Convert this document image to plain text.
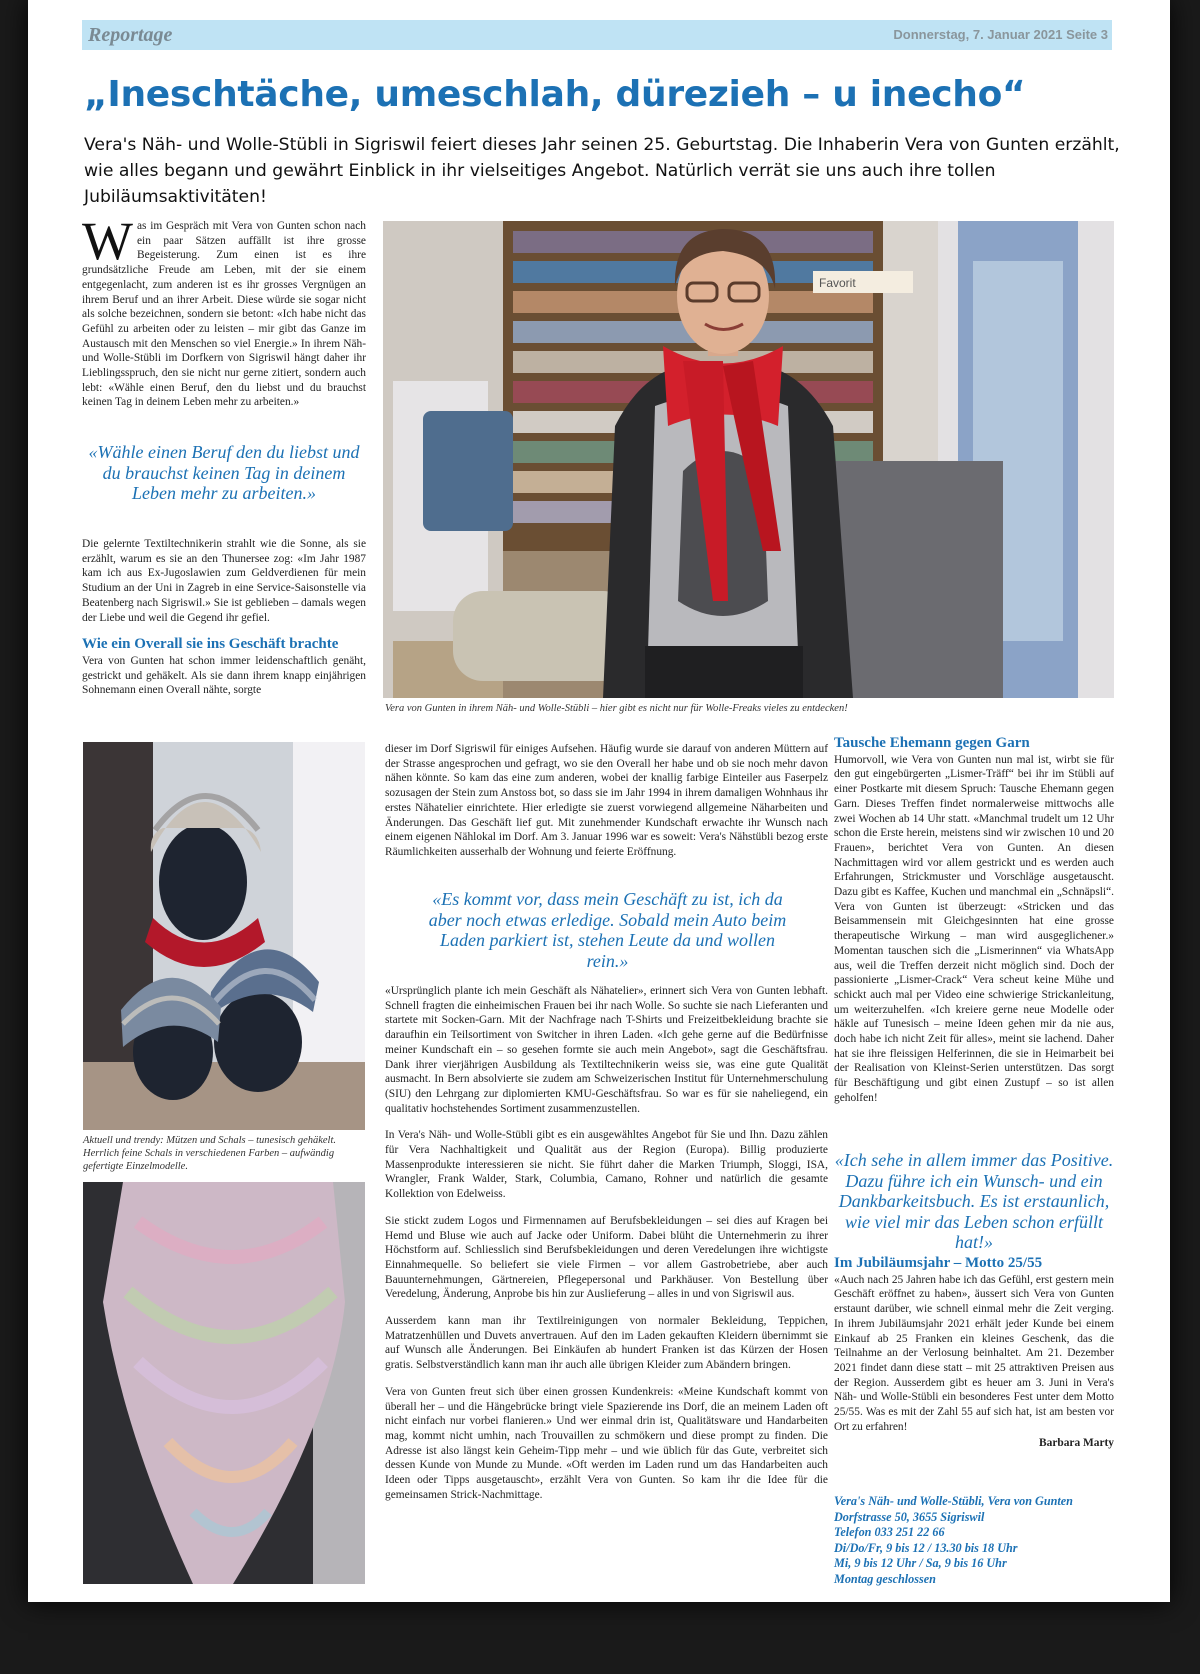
Reportage	Donnerstag, 7. Januar 2021 Seite 3
„Ineschtäche, umeschlah, dürezieh – u inecho“
Vera's Näh- und Wolle-Stübli in Sigriswil feiert dieses Jahr seinen 25. Geburtstag. Die Inhaberin Vera von Gunten erzählt, wie alles begann und gewährt Einblick in ihr vielseitiges Angebot. Natürlich verrät sie uns auch ihre tollen Jubiläumsaktivitäten!
Was im Gespräch mit Vera von Gunten schon nach ein paar Sätzen auffällt ist ihre grosse Begeisterung. Zum einen ist es ihre grundsätzliche Freude am Leben, mit der sie einem entgegenlacht, zum anderen ist es ihr grosses Vergnügen an ihrem Beruf und an ihrer Arbeit. Diese würde sie sogar nicht als solche bezeichnen, sondern sie betont: «Ich habe nicht das Gefühl zu arbeiten oder zu leisten – mir gibt das Ganze im Austausch mit den Menschen so viel Energie.» In ihrem Näh- und Wolle-Stübli im Dorfkern von Sigriswil hängt daher ihr Lieblingsspruch, den sie nicht nur gerne zitiert, sondern auch lebt: «Wähle einen Beruf, den du liebst und du brauchst keinen Tag in deinem Leben mehr zu arbeiten.»
«Wähle einen Beruf den du liebst und du brauchst keinen Tag in deinem Leben mehr zu arbeiten.»

Die gelernte Textiltechnikerin strahlt wie die Sonne, als sie erzählt, warum es sie an den Thunersee zog: «Im Jahr 1987 kam ich aus Ex-Jugoslawien zum Geldverdienen für mein Studium an der Uni in Zagreb in eine Service-Saisonstelle via Beatenberg nach Sigriswil.» Sie ist geblieben – damals wegen der Liebe und weil die Gegend ihr gefiel.

Wie ein Overall sie ins Geschäft brachte

Vera von Gunten hat schon immer leidenschaftlich genäht, gestrickt und gehäkelt. Als sie dann ihrem knapp einjährigen Sohnemann einen Overall nähte, sorgte

Favorit
Vera von Gunten in ihrem Näh- und Wolle-Stübli – hier gibt es nicht nur für Wolle-Freaks vieles zu entdecken!
Aktuell und trendy: Mützen und Schals – tunesisch gehäkelt. Herrlich feine Schals in verschiedenen Farben – aufwändig gefertigte Einzelmodelle.

dieser im Dorf Sigriswil für einiges Aufsehen. Häufig wurde sie darauf von anderen Müttern auf der Strasse angesprochen und gefragt, wo sie den Overall her habe und ob sie noch mehr davon nähen könnte. So kam das eine zum anderen, wobei der knallig farbige Einteiler aus Faserpelz sozusagen der Stein zum Anstoss bot, so dass sie im Jahr 1994 in ihrem damaligen Wohnhaus ihr erstes Nähatelier einrichtete. Hier erledigte sie zuerst vorwiegend allgemeine Näharbeiten und Änderungen. Das Geschäft lief gut. Mit zunehmender Kundschaft erwachte ihr Wunsch nach einem eigenen Nählokal im Dorf. Am 3. Januar 1996 war es soweit: Vera's Nähstübli bezog erste Räumlichkeiten ausserhalb der Wohnung und feierte Eröffnung.

«Es kommt vor, dass mein Geschäft zu ist, ich da aber noch etwas erledige. Sobald mein Auto beim Laden parkiert ist, stehen Leute da und wollen rein.»

«Ursprünglich plante ich mein Geschäft als Nähatelier», erinnert sich Vera von Gunten lebhaft. Schnell fragten die einheimischen Frauen bei ihr nach Wolle. So suchte sie nach Lieferanten und startete mit Socken-Garn. Mit der Nachfrage nach T-Shirts und Freizeitbekleidung brachte sie daraufhin ein Teilsortiment von Switcher in ihren Laden. «Ich gehe gerne auf die Bedürfnisse meiner Kundschaft ein – so gesehen formte sie auch mein Angebot», sagt die Geschäftsfrau. Dank ihrer vierjährigen Ausbildung als Textiltechnikerin weiss sie, was eine gute Qualität ausmacht. In Bern absolvierte sie zudem am Schweizerischen Institut für Unternehmerschulung (SIU) den Lehrgang zur diplomierten KMU-Geschäftsfrau. So war es für sie naheliegend, ein qualitativ hochstehendes Sortiment zusammenzustellen.

In Vera's Näh- und Wolle-Stübli gibt es ein ausgewähltes Angebot für Sie und Ihn. Dazu zählen für Vera Nachhaltigkeit und Qualität aus der Region (Europa). Billig produzierte Massenprodukte interessieren sie nicht. Sie führt daher die Marken Triumph, Sloggi, ISA, Wrangler, Frank Walder, Stark, Columbia, Camano, Rohner und natürlich die gesamte Kollektion von Edelweiss.

Sie stickt zudem Logos und Firmennamen auf Berufsbekleidungen – sei dies auf Kragen bei Hemd und Bluse wie auch auf Jacke oder Uniform. Dabei blüht die Unternehmerin zu ihrer Höchstform auf. Schliesslich sind Berufsbekleidungen und deren Veredelungen ihre wichtigste Einnahmequelle. So beliefert sie viele Firmen – vor allem Gastrobetriebe, aber auch Bauunternehmungen, Gärtnereien, Pflegepersonal und Parkhäuser. Von Bestellung über Veredelung, Änderung, Anprobe bis hin zur Auslieferung – alles in und von Sigriswil aus.

Ausserdem kann man ihr Textilreinigungen von normaler Bekleidung, Teppichen, Matratzenhüllen und Duvets anvertrauen. Auf den im Laden gekauften Kleidern übernimmt sie auf Wunsch alle Änderungen. Bei Einkäufen ab hundert Franken ist das Kürzen der Hosen gratis. Selbstverständlich kann man ihr auch alle übrigen Kleider zum Abändern bringen.

Vera von Gunten freut sich über einen grossen Kundenkreis: «Meine Kundschaft kommt von überall her – und die Hängebrücke bringt viele Spazierende ins Dorf, die an meinem Laden oft nicht einfach nur vorbei flanieren.» Und wer einmal drin ist, Qualitätsware und Handarbeiten mag, kommt nicht umhin, nach Trouvaillen zu schmökern und diese prompt zu finden. Die Adresse ist also längst kein Geheim-Tipp mehr – und wie üblich für das Gute, verbreitet sich dessen Kunde von Munde zu Munde. «Oft werden im Laden rund um das Handarbeiten auch Ideen oder Tipps ausgetauscht», erzählt Vera von Gunten. So kam ihr die Idee für die gemeinsamen Strick-Nachmittage.

Tausche Ehemann gegen Garn

Humorvoll, wie Vera von Gunten nun mal ist, wirbt sie für den gut eingebürgerten „Lismer-Träff“ bei ihr im Stübli auf einer Postkarte mit diesem Spruch: Tausche Ehemann gegen Garn. Dieses Treffen findet normalerweise mittwochs alle zwei Wochen ab 14 Uhr statt. «Manchmal trudelt um 12 Uhr schon die Erste herein, meistens sind wir zwischen 10 und 20 Frauen», berichtet Vera von Gunten. An diesen Nachmittagen wird vor allem gestrickt und es werden auch Erfahrungen, Strickmuster und Vorschläge ausgetauscht. Dazu gibt es Kaffee, Kuchen und manchmal ein „Schnäpsli“. Vera von Gunten ist überzeugt: «Stricken und das Beisammensein mit Gleichgesinnten hat eine grosse therapeutische Wirkung – man wird ausgeglichener.» Momentan tauschen sich die „Lismerinnen“ via WhatsApp aus, weil die Treffen derzeit nicht möglich sind. Doch der passionierte „Lismer-Crack“ Vera scheut keine Mühe und schickt auch mal per Video eine schwierige Strickanleitung, um weiterzuhelfen. «Ich kreiere gerne neue Modelle oder häkle auf Tunesisch – meine Ideen gehen mir da nie aus, doch habe ich nicht Zeit für alles», meint sie lachend. Daher hat sie ihre fleissigen Helferinnen, die sie in Heimarbeit bei der Realisation von Kleinst-Serien unterstützen. Das sorgt für Beschäftigung und gibt einen Zustupf – so ist allen geholfen!

«Ich sehe in allem immer das Positive. Dazu führe ich ein Wunsch- und ein Dankbarkeitsbuch. Es ist erstaunlich, wie viel mir das Leben schon erfüllt hat!»
Im Jubiläumsjahr – Motto 25/55

«Auch nach 25 Jahren habe ich das Gefühl, erst gestern mein Geschäft eröffnet zu haben», äussert sich Vera von Gunten erstaunt darüber, wie schnell einmal mehr die Zeit verging. In ihrem Jubiläumsjahr 2021 erhält jeder Kunde bei einem Einkauf ab 25 Franken ein kleines Geschenk, das die Teilnahme an der Verlosung beinhaltet. Am 21. Dezember 2021 findet dann diese statt – mit 25 attraktiven Preisen aus der Region. Ausserdem gibt es heuer am 3. Juni in Vera's Näh- und Wolle-Stübli ein besonderes Fest unter dem Motto 25/55. Was es mit der Zahl 55 auf sich hat, ist am besten vor Ort zu erfahren!

Barbara Marty
Vera's Näh- und Wolle-Stübli, Vera von Gunten
Dorfstrasse 50, 3655 Sigriswil
Telefon 033 251 22 66
Di/Do/Fr, 9 bis 12 / 13.30 bis 18 Uhr
Mi, 9 bis 12 Uhr / Sa, 9 bis 16 Uhr
Montag geschlossen
